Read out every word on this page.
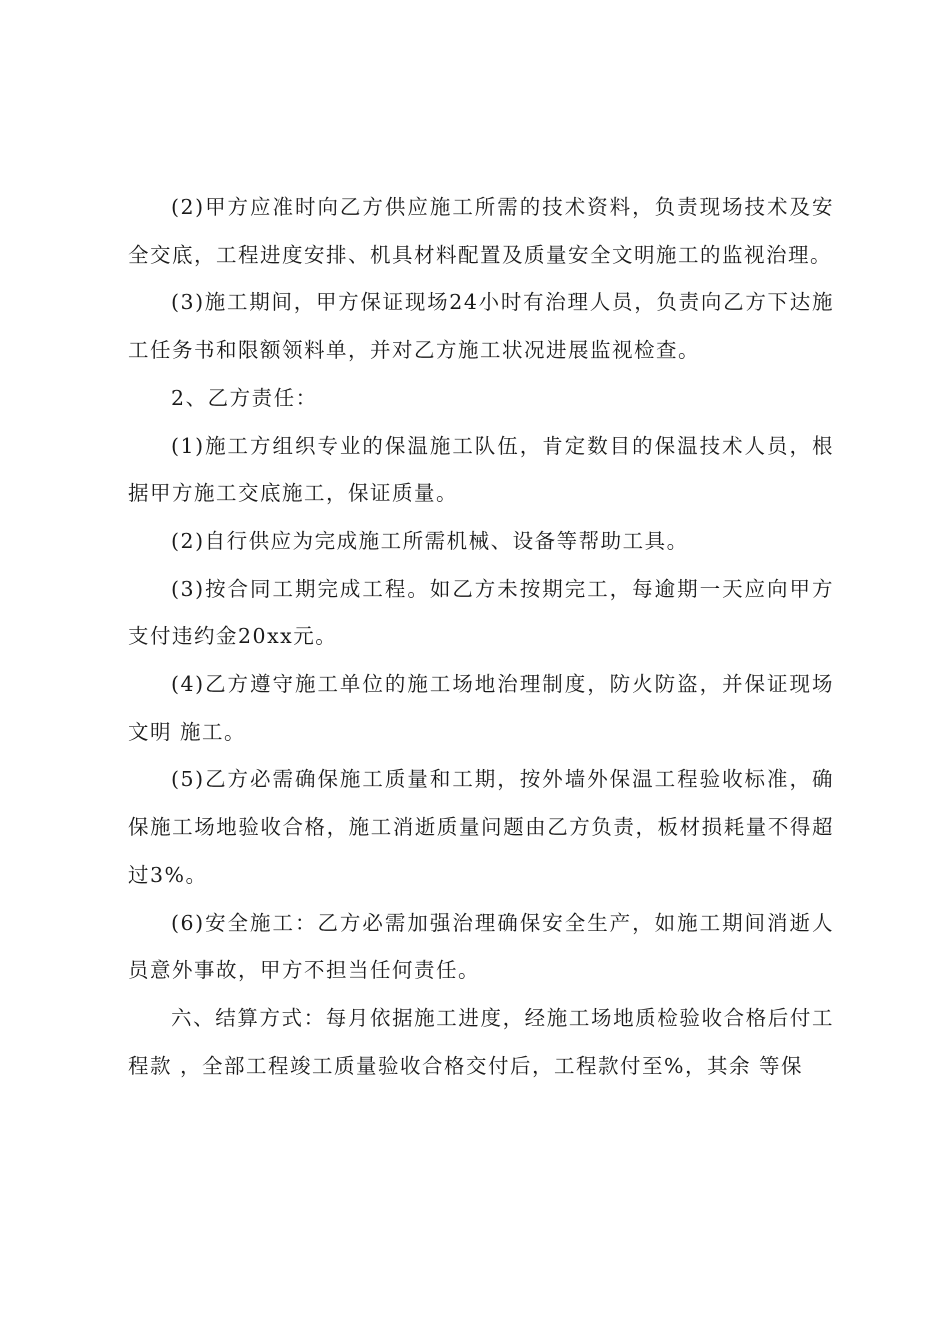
(2)甲方应准时向乙方供应施工所需的技术资料，负责现场技术及安全交底，工程进度安排、机具材料配置及质量安全文明施工的监视治理。

(3)施工期间，甲方保证现场24小时有治理人员，负责向乙方下达施工任务书和限额领料单，并对乙方施工状况进展监视检查。

2、乙方责任：

(1)施工方组织专业的保温施工队伍，肯定数目的保温技术人员，根据甲方施工交底施工，保证质量。

(2)自行供应为完成施工所需机械、设备等帮助工具。

(3)按合同工期完成工程。如乙方未按期完工，每逾期一天应向甲方支付违约金20xx元。

(4)乙方遵守施工单位的施工场地治理制度，防火防盗，并保证现场文明 施工。

(5)乙方必需确保施工质量和工期，按外墙外保温工程验收标准，确保施工场地验收合格，施工消逝质量问题由乙方负责，板材损耗量不得超过3%。

(6)安全施工：乙方必需加强治理确保安全生产，如施工期间消逝人员意外事故，甲方不担当任何责任。

六、结算方式：每月依据施工进度，经施工场地质检验收合格后付工程款 ，全部工程竣工质量验收合格交付后，工程款付至%，其余 等保
